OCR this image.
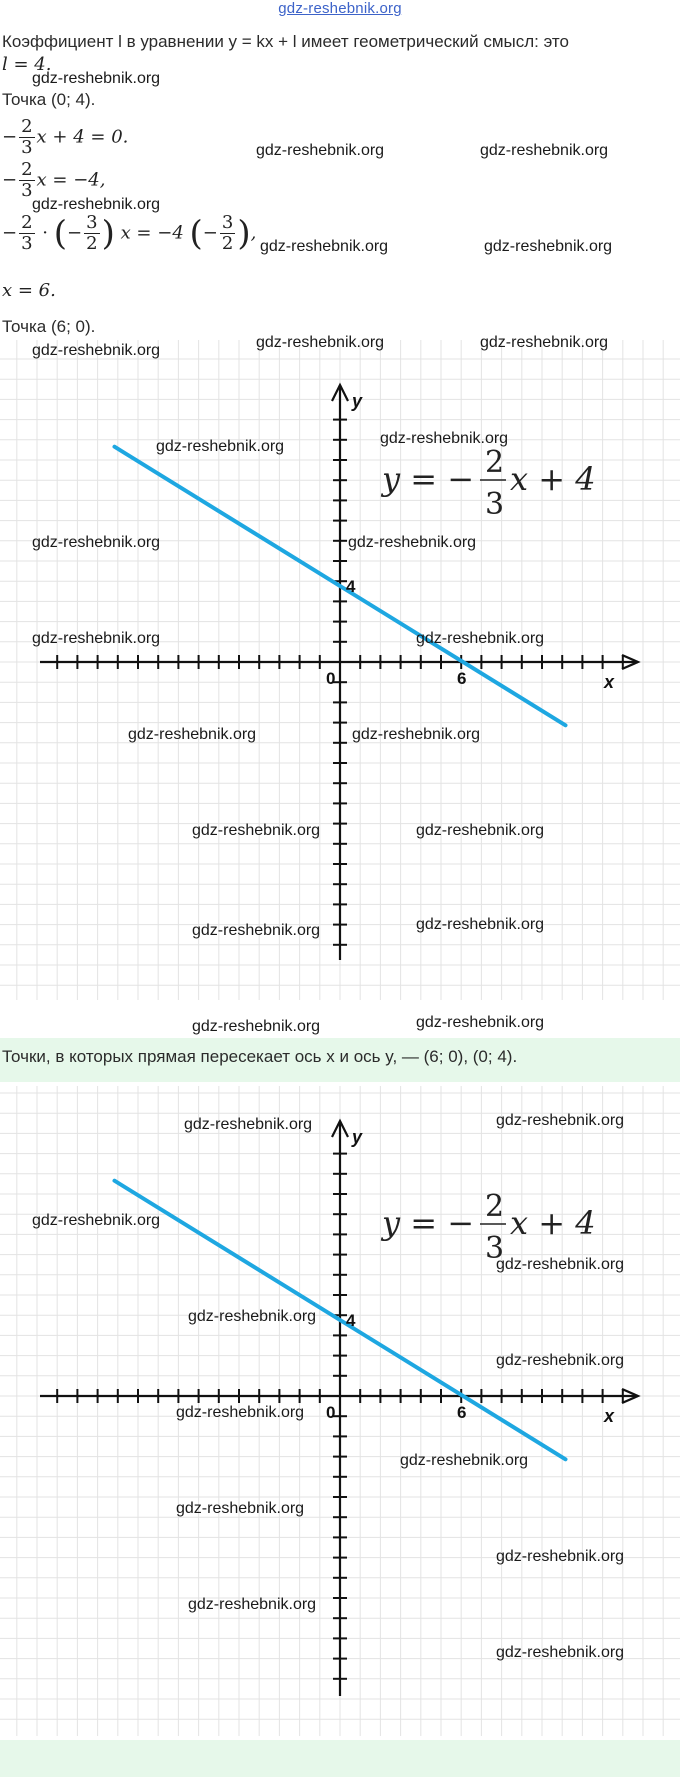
gdz-reshebnik.org
Коэффициент l в уравнении y = kx + l имеет геометрический смысл: это
l = 4.
Точка (0; 4).
− $\frac{2}{3}$ x + 4 = 0.
− $\frac{2}{3}$ x = −4,
− $\frac{2}{3}$ · (− $\frac{3}{2}$ ) x = −4 (− $\frac{3}{2}$ ),
x = 6.
Точка (6; 0).
0	6
4
x
y
y = − 2
3
x + 4
Точки, в которых прямая пересекает ось x и ось y, — (6; 0), (0; 4).
0	6
4
x
y
y = − 2
3
x + 4
gdz-reshebnik.org
gdz-reshebnik.org	gdz-reshebnik.org
gdz-reshebnik.org
gdz-reshebnik.org	gdz-reshebnik.org
gdz-reshebnik.org	gdz-reshebnik.org
gdz-reshebnik.org
gdz-reshebnik.org	gdz-reshebnik.org
gdz-reshebnik.org	gdz-reshebnik.org
gdz-reshebnik.org	gdz-reshebnik.org
gdz-reshebnik.org	gdz-reshebnik.org
gdz-reshebnik.org	gdz-reshebnik.org
gdz-reshebnik.org	gdz-reshebnik.org
gdz-reshebnik.org	gdz-reshebnik.org
gdz-reshebnik.org	gdz-reshebnik.org
gdz-reshebnik.org
gdz-reshebnik.org
gdz-reshebnik.org
gdz-reshebnik.org
gdz-reshebnik.org
gdz-reshebnik.org
gdz-reshebnik.org
gdz-reshebnik.org
gdz-reshebnik.org
gdz-reshebnik.org
